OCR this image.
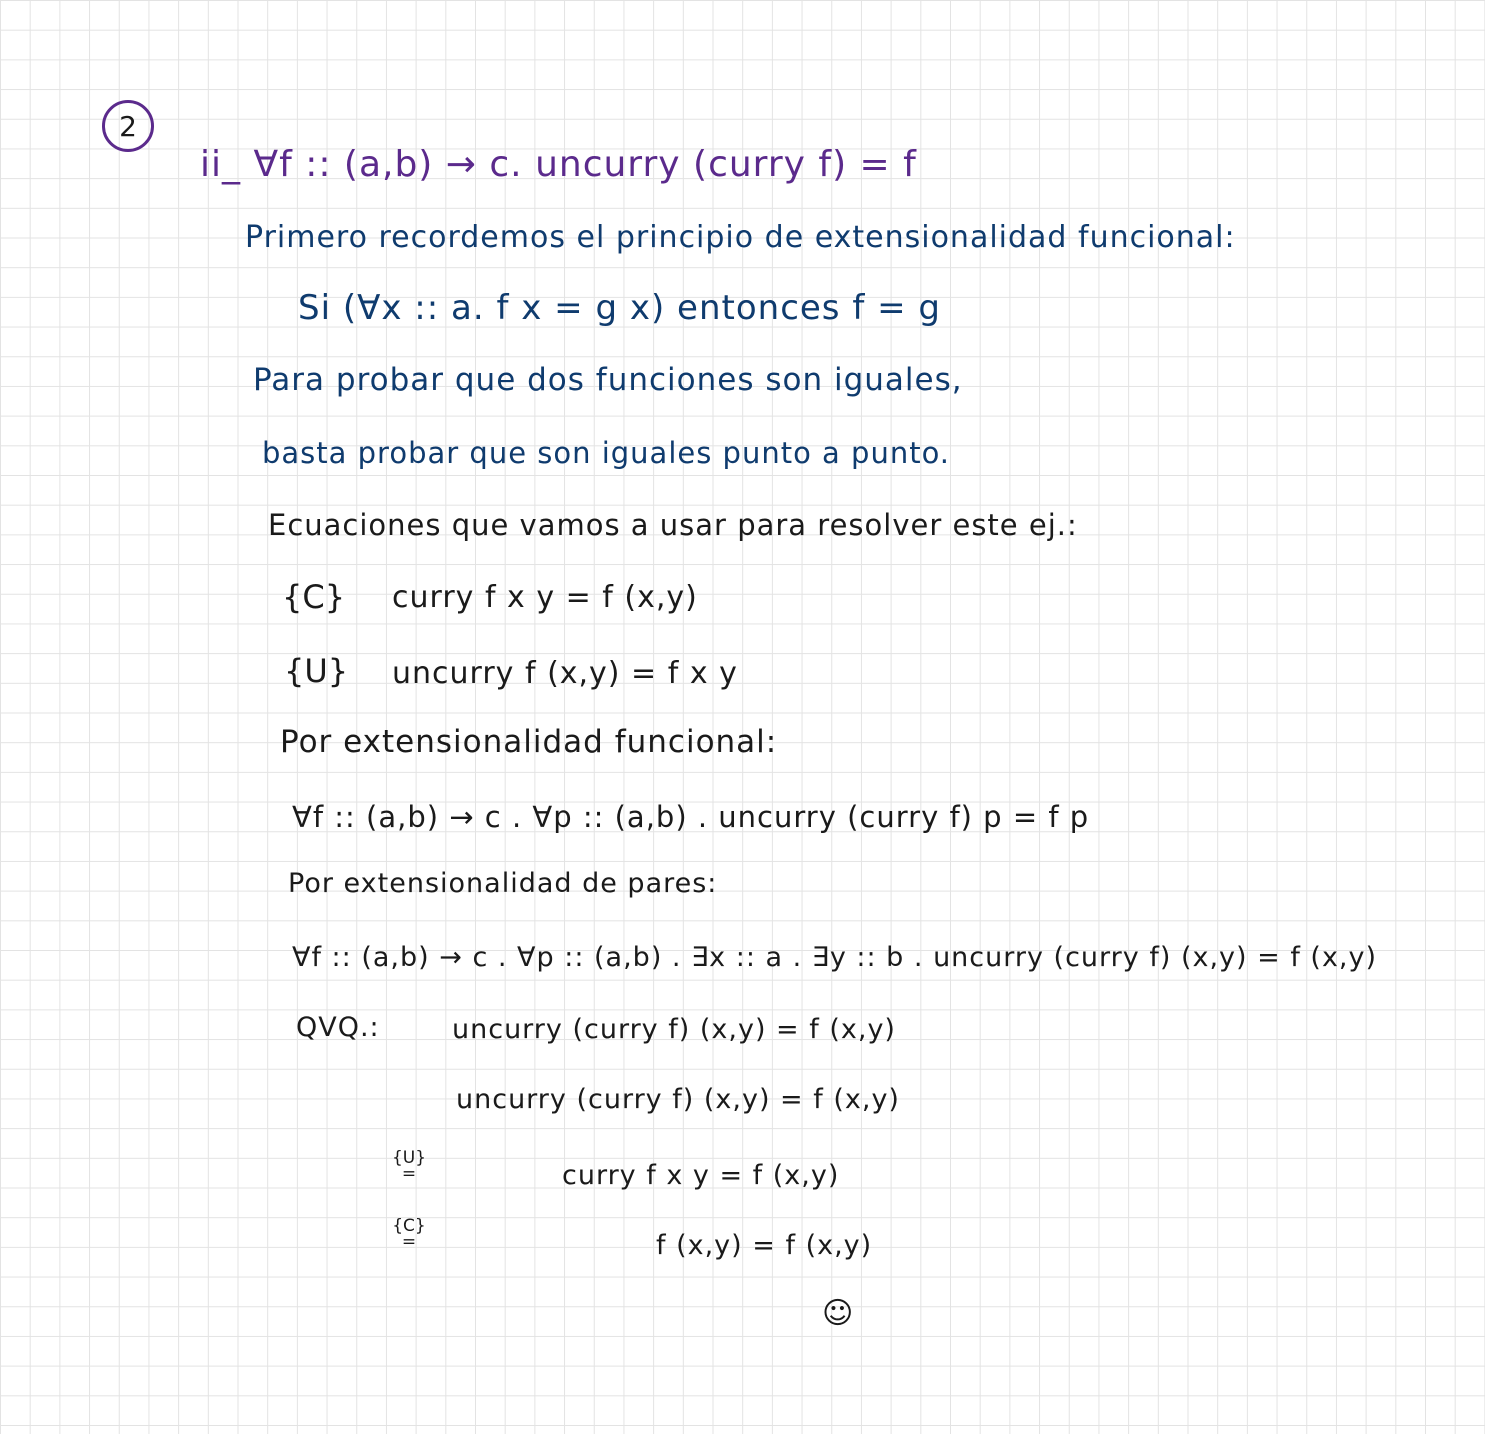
2
ii_ ∀f :: (a,b) → c. uncurry (curry f) = f
Primero recordemos el principio de extensionalidad funcional:
Si (∀x :: a. f x = g x) entonces f = g
Para probar que dos funciones son iguales,
basta probar que son iguales punto a punto.
Ecuaciones que vamos a usar para resolver este ej.:
{C} curry f x y = f (x,y)
{U} uncurry f (x,y) = f x y
Por extensionalidad funcional:
∀f :: (a,b) → c . ∀p :: (a,b) . uncurry (curry f) p = f p
Por extensionalidad de pares:
∀f :: (a,b) → c . ∀p :: (a,b) . ∃x :: a . ∃y :: b . uncurry (curry f) (x,y) = f (x,y)
QVQ.:	uncurry (curry f) (x,y) = f (x,y)
uncurry (curry f) (x,y) = f (x,y)
{U}
=	curry f x y = f (x,y)
{C}
=	f (x,y) = f (x,y)
☺
